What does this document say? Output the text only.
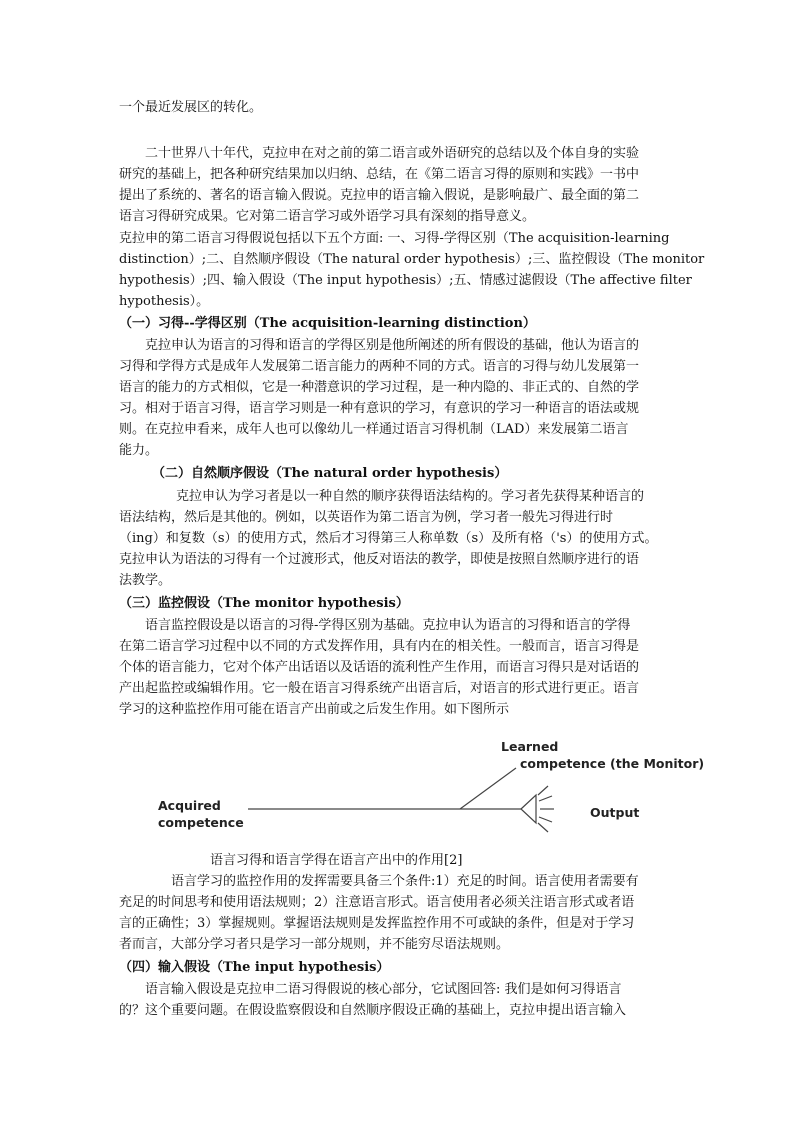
一个最近发展区的转化。
　　二十世界八十年代，克拉申在对之前的第二语言或外语研究的总结以及个体自身的实验
研究的基础上，把各种研究结果加以归纳、总结，在《第二语言习得的原则和实践》一书中
提出了系统的、著名的语言输入假说。克拉申的语言输入假说，是影响最广、最全面的第二
语言习得研究成果。它对第二语言学习或外语学习具有深刻的指导意义。
克拉申的第二语言习得假说包括以下五个方面: 一、习得-学得区别（The acquisition-learning
distinction）;二、自然顺序假设（The natural order hypothesis）;三、监控假设（The monitor
hypothesis）;四、输入假设（The input hypothesis）;五、情感过滤假设（The affective filter
hypothesis）。
（一）习得--学得区别（The acquisition-learning distinction）
　　克拉申认为语言的习得和语言的学得区别是他所阐述的所有假设的基础，他认为语言的
习得和学得方式是成年人发展第二语言能力的两种不同的方式。语言的习得与幼儿发展第一
语言的能力的方式相似，它是一种潜意识的学习过程，是一种内隐的、非正式的、自然的学
习。相对于语言习得，语言学习则是一种有意识的学习，有意识的学习一种语言的语法或规
则。在克拉申看来，成年人也可以像幼儿一样通过语言习得机制（LAD）来发展第二语言
能力。
（二）自然顺序假设（The natural order hypothesis）
　　克拉申认为学习者是以一种自然的顺序获得语法结构的。学习者先获得某种语言的
语法结构，然后是其他的。例如，以英语作为第二语言为例，学习者一般先习得进行时
（ing）和复数（s）的使用方式，然后才习得第三人称单数（s）及所有格（'s）的使用方式。
克拉申认为语法的习得有一个过渡形式，他反对语法的教学，即使是按照自然顺序进行的语
法教学。
（三）监控假设（The monitor hypothesis）
　　语言监控假设是以语言的习得-学得区别为基础。克拉申认为语言的习得和语言的学得
在第二语言学习过程中以不同的方式发挥作用，具有内在的相关性。一般而言，语言习得是
个体的语言能力，它对个体产出话语以及话语的流利性产生作用，而语言习得只是对话语的
产出起监控或编辑作用。它一般在语言习得系统产出语言后，对语言的形式进行更正。语言
学习的这种监控作用可能在语言产出前或之后发生作用。如下图所示
Learned
competence (the Monitor)
Acquired
competence
Output
语言习得和语言学得在语言产出中的作用[2]
　　　　语言学习的监控作用的发挥需要具备三个条件:1）充足的时间。语言使用者需要有
充足的时间思考和使用语法规则；2）注意语言形式。语言使用者必须关注语言形式或者语
言的正确性；3）掌握规则。掌握语法规则是发挥监控作用不可或缺的条件，但是对于学习
者而言，大部分学习者只是学习一部分规则，并不能穷尽语法规则。
（四）输入假设（The input hypothesis）
　　语言输入假设是克拉申二语习得假说的核心部分，它试图回答: 我们是如何习得语言
的？这个重要问题。在假设监察假设和自然顺序假设正确的基础上，克拉申提出语言输入
